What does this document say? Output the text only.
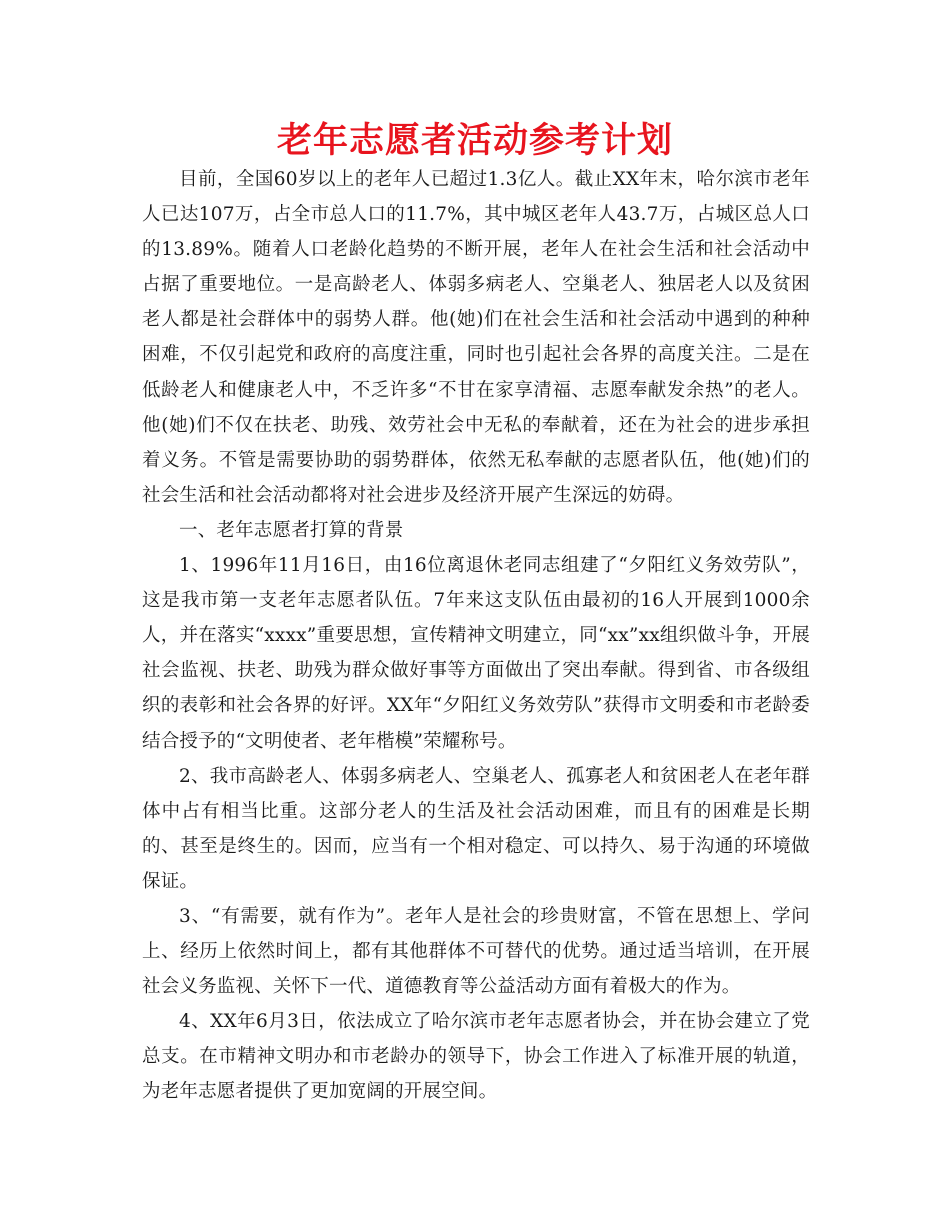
老年志愿者活动参考计划

目前，全国60岁以上的老年人已超过1.3亿人。截止XX年末，哈尔滨市老年人已达107万，占全市总人口的11.7%，其中城区老年人43.7万，占城区总人口的13.89%。随着人口老龄化趋势的不断开展，老年人在社会生活和社会活动中占据了重要地位。一是高龄老人、体弱多病老人、空巢老人、独居老人以及贫困老人都是社会群体中的弱势人群。他(她)们在社会生活和社会活动中遇到的种种困难，不仅引起党和政府的高度注重，同时也引起社会各界的高度关注。二是在低龄老人和健康老人中，不乏许多“不甘在家享清福、志愿奉献发余热”的老人。他(她)们不仅在扶老、助残、效劳社会中无私的奉献着，还在为社会的进步承担着义务。不管是需要协助的弱势群体，依然无私奉献的志愿者队伍，他(她)们的社会生活和社会活动都将对社会进步及经济开展产生深远的妨碍。

一、老年志愿者打算的背景

1、1996年11月16日，由16位离退休老同志组建了“夕阳红义务效劳队”，这是我市第一支老年志愿者队伍。7年来这支队伍由最初的16人开展到1000余人，并在落实“xxxx”重要思想，宣传精神文明建立，同“xx”xx组织做斗争，开展社会监视、扶老、助残为群众做好事等方面做出了突出奉献。得到省、市各级组织的表彰和社会各界的好评。XX年“夕阳红义务效劳队”获得市文明委和市老龄委结合授予的“文明使者、老年楷模”荣耀称号。

2、我市高龄老人、体弱多病老人、空巢老人、孤寡老人和贫困老人在老年群体中占有相当比重。这部分老人的生活及社会活动困难，而且有的困难是长期的、甚至是终生的。因而，应当有一个相对稳定、可以持久、易于沟通的环境做保证。

3、“有需要，就有作为”。老年人是社会的珍贵财富，不管在思想上、学问上、经历上依然时间上，都有其他群体不可替代的优势。通过适当培训，在开展社会义务监视、关怀下一代、道德教育等公益活动方面有着极大的作为。

4、XX年6月3日，依法成立了哈尔滨市老年志愿者协会，并在协会建立了党总支。在市精神文明办和市老龄办的领导下，协会工作进入了标准开展的轨道，为老年志愿者提供了更加宽阔的开展空间。
